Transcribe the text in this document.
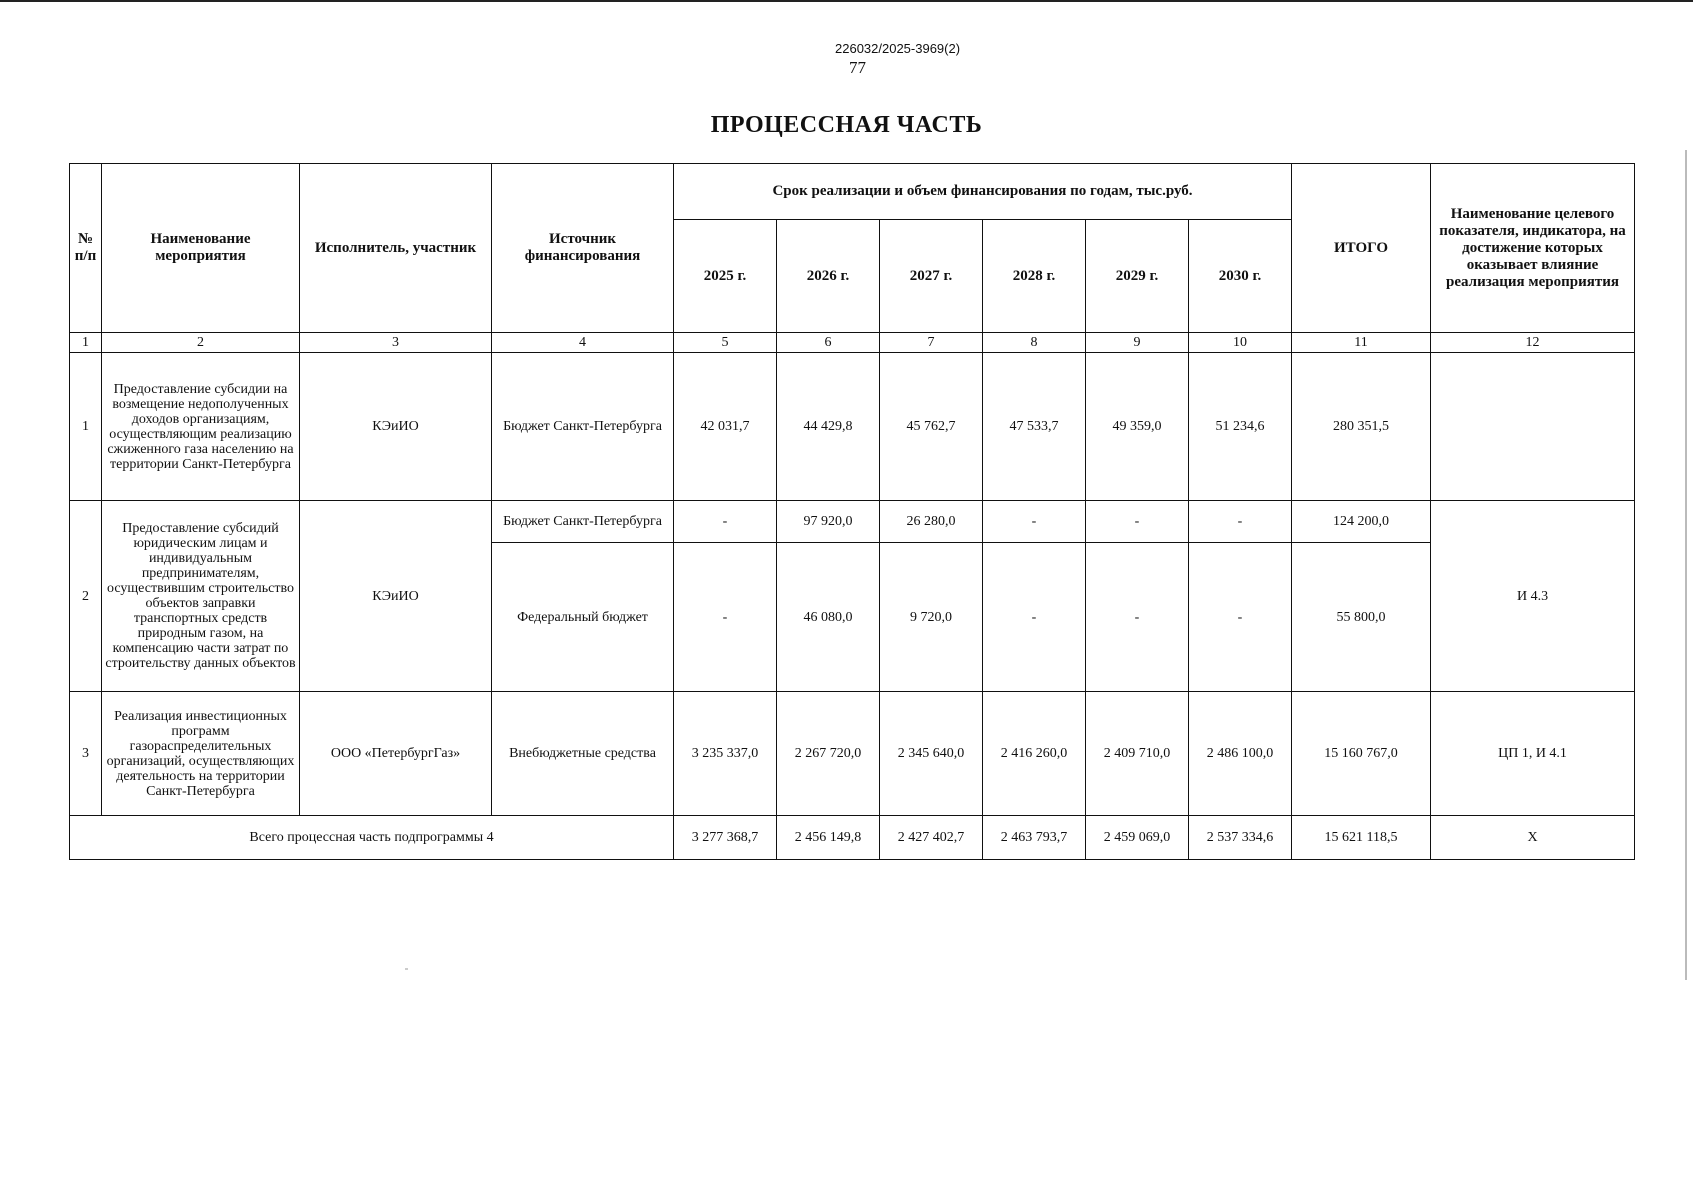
226032/2025-3969(2)
77
ПРОЦЕССНАЯ ЧАСТЬ
№ п/п	Наименование мероприятия	Исполнитель, участник	Источник финансирования	Срок реализации и объем финансирования по годам, тыс.руб.						ИТОГО	Наименование целевого показателя, индикатора, на достижение которых оказывает влияние реализация мероприятия
				2025 г.	2026 г.	2027 г.	2028 г.	2029 г.	2030 г.		
1	2	3	4	5	6	7	8	9	10	11	12
1	Предоставление субсидии на возмещение недополученных доходов организациям, осуществляющим реализацию сжиженного газа населению на территории Санкт-Петербурга	КЭиИО	Бюджет Санкт-Петербурга	42 031,7	44 429,8	45 762,7	47 533,7	49 359,0	51 234,6	280 351,5	
2	Предоставление субсидий юридическим лицам и индивидуальным предпринимателям, осуществившим строительство объектов заправки транспортных средств природным газом, на компенсацию части затрат по строительству данных объектов	КЭиИО	Бюджет Санкт-Петербурга	-	97 920,0	26 280,0	-	-	-	124 200,0	И 4.3
			Федеральный бюджет	-	46 080,0	9 720,0	-	-	-	55 800,0	
3	Реализация инвестиционных программ газораспределительных организаций, осуществляющих деятельность на территории Санкт-Петербурга	ООО «ПетербургГаз»	Внебюджетные средства	3 235 337,0	2 267 720,0	2 345 640,0	2 416 260,0	2 409 710,0	2 486 100,0	15 160 767,0	ЦП 1, И 4.1
Всего процессная часть подпрограммы 4				3 277 368,7	2 456 149,8	2 427 402,7	2 463 793,7	2 459 069,0	2 537 334,6	15 621 118,5	Х
